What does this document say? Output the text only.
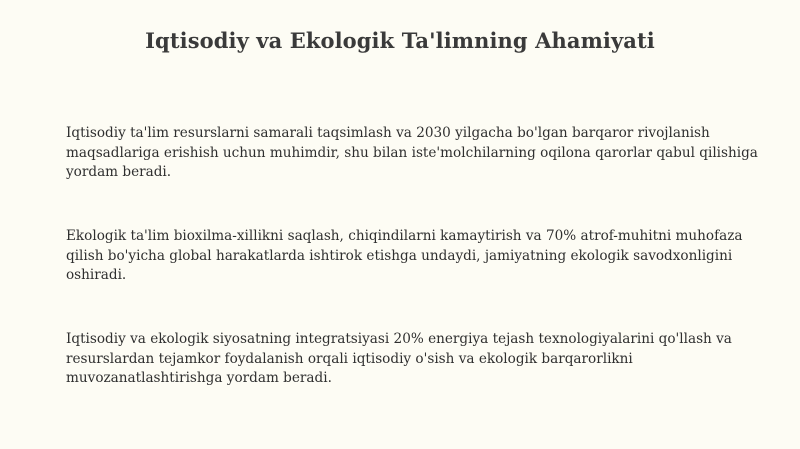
Iqtisodiy va Ekologik Ta'limning Ahamiyati

Iqtisodiy ta'lim resurslarni samarali taqsimlash va 2030 yilgacha bo'lgan barqaror rivojlanish maqsadlariga erishish uchun muhimdir, shu bilan iste'molchilarning oqilona qarorlar qabul qilishiga yordam beradi.

Ekologik ta'lim bioxilma-xillikni saqlash, chiqindilarni kamaytirish va 70% atrof-muhitni muhofaza qilish bo'yicha global harakatlarda ishtirok etishga undaydi, jamiyatning ekologik savodxonligini oshiradi.

Iqtisodiy va ekologik siyosatning integratsiyasi 20% energiya tejash texnologiyalarini qo'llash va resurslardan tejamkor foydalanish orqali iqtisodiy o'sish va ekologik barqarorlikni muvozanatlashtirishga yordam beradi.
